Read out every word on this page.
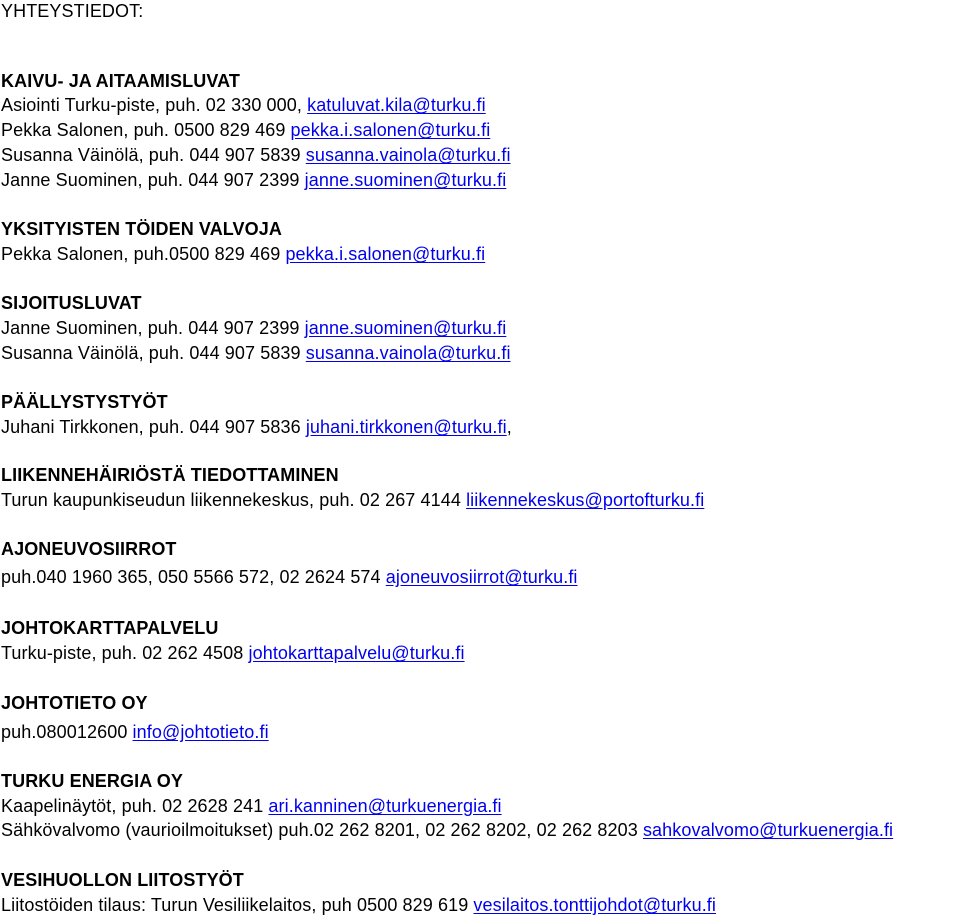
YHTEYSTIEDOT:
KAIVU- JA AITAAMISLUVAT
Asiointi Turku-piste, puh. 02 330 000, katuluvat.kila@turku.fi
Pekka Salonen, puh. 0500 829 469 pekka.i.salonen@turku.fi
Susanna Väinölä, puh. 044 907 5839 susanna.vainola@turku.fi
Janne Suominen, puh. 044 907 2399 janne.suominen@turku.fi
YKSITYISTEN TÖIDEN VALVOJA
Pekka Salonen, puh.0500 829 469 pekka.i.salonen@turku.fi
SIJOITUSLUVAT
Janne Suominen, puh. 044 907 2399 janne.suominen@turku.fi
Susanna Väinölä, puh. 044 907 5839 susanna.vainola@turku.fi
PÄÄLLYSTYSTYÖT
Juhani Tirkkonen, puh. 044 907 5836 juhani.tirkkonen@turku.fi,
LIIKENNEHÄIRIÖSTÄ TIEDOTTAMINEN
Turun kaupunkiseudun liikennekeskus, puh. 02 267 4144 liikennekeskus@portofturku.fi
AJONEUVOSIIRROT
puh.040 1960 365, 050 5566 572, 02 2624 574 ajoneuvosiirrot@turku.fi
JOHTOKARTTAPALVELU
Turku-piste, puh. 02 262 4508 johtokarttapalvelu@turku.fi
JOHTOTIETO OY
puh.080012600 info@johtotieto.fi
TURKU ENERGIA OY
Kaapelinäytöt, puh. 02 2628 241 ari.kanninen@turkuenergia.fi
Sähkövalvomo (vaurioilmoitukset) puh.02 262 8201, 02 262 8202, 02 262 8203 sahkovalvomo@turkuenergia.fi
VESIHUOLLON LIITOSTYÖT
Liitostöiden tilaus: Turun Vesiliikelaitos, puh 0500 829 619 vesilaitos.tonttijohdot@turku.fi
